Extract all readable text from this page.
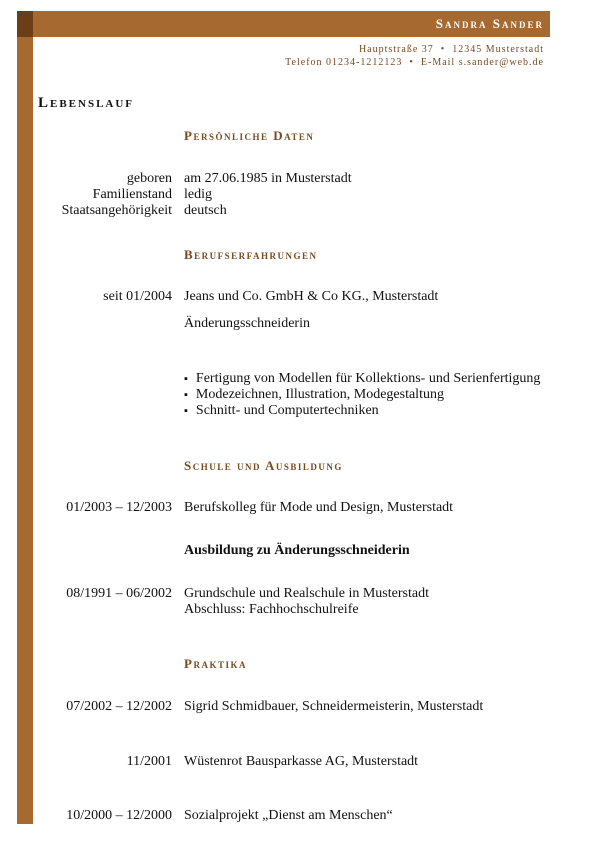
Sandra Sander
Hauptstraße 37 • 12345 Musterstadt
Telefon 01234-1212123 • E-Mail s.sander@web.de
Lebenslauf
Persönliche Daten
geboren am 27.06.1985 in Musterstadt
Familienstand ledig
Staatsangehörigkeit deutsch
Berufserfahrungen
seit 01/2004 Jeans und Co. GmbH & Co KG., Musterstadt
Änderungsschneiderin
▪ Fertigung von Modellen für Kollektions- und Serienfertigung
▪ Modezeichnen, Illustration, Modegestaltung
▪ Schnitt- und Computertechniken
Schule und Ausbildung
01/2003 – 12/2003 Berufskolleg für Mode und Design, Musterstadt
Ausbildung zu Änderungsschneiderin
08/1991 – 06/2002 Grundschule und Realschule in Musterstadt
Abschluss: Fachhochschulreife
Praktika
07/2002 – 12/2002 Sigrid Schmidbauer, Schneidermeisterin, Musterstadt
11/2001 Wüstenrot Bausparkasse AG, Musterstadt
10/2000 – 12/2000 Sozialprojekt „Dienst am Menschen“
